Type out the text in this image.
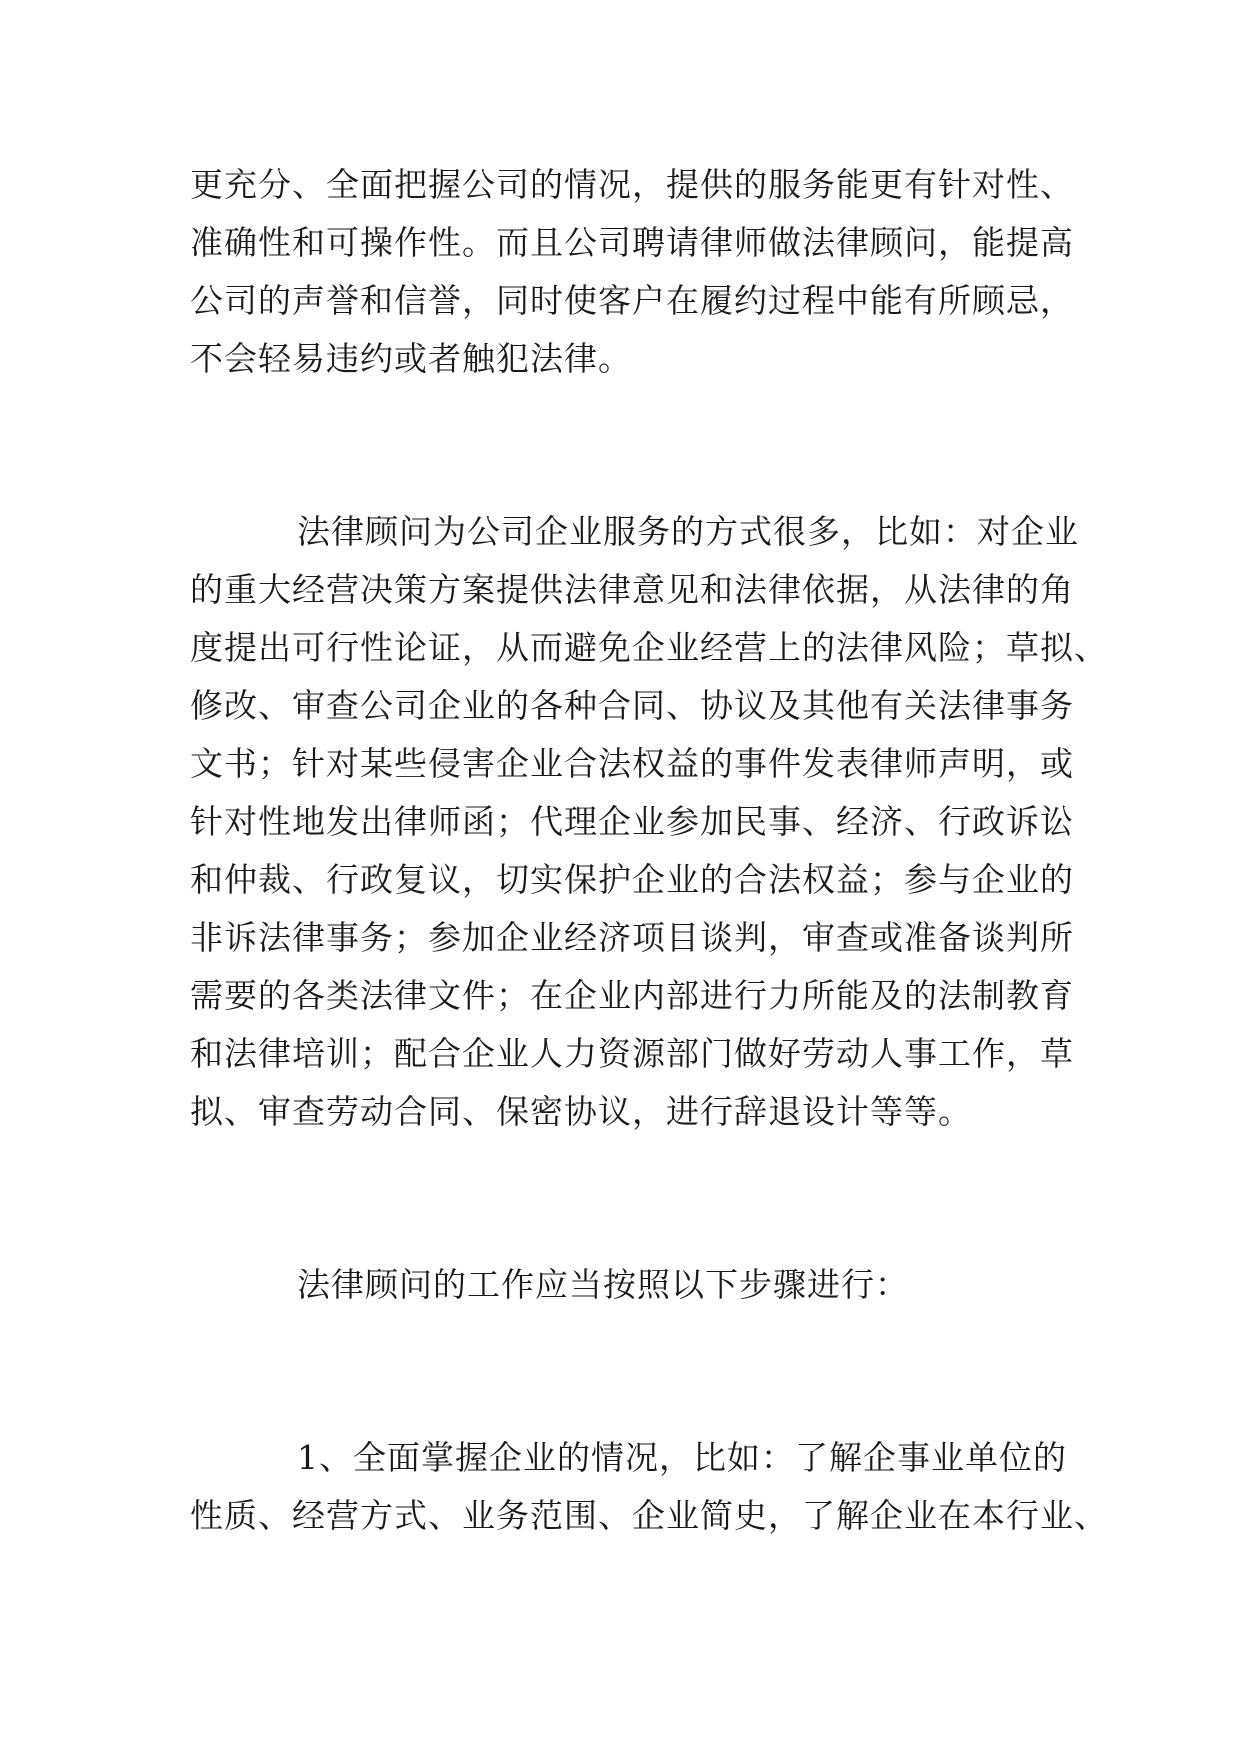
更充分、全面把握公司的情况，提供的服务能更有针对性、
准确性和可操作性。而且公司聘请律师做法律顾问，能提高
公司的声誉和信誉，同时使客户在履约过程中能有所顾忌，
不会轻易违约或者触犯法律。
法律顾问为公司企业服务的方式很多，比如：对企业
的重大经营决策方案提供法律意见和法律依据，从法律的角
度提出可行性论证，从而避免企业经营上的法律风险；草拟、
修改、审查公司企业的各种合同、协议及其他有关法律事务
文书；针对某些侵害企业合法权益的事件发表律师声明，或
针对性地发出律师函；代理企业参加民事、经济、行政诉讼
和仲裁、行政复议，切实保护企业的合法权益；参与企业的
非诉法律事务；参加企业经济项目谈判，审查或准备谈判所
需要的各类法律文件；在企业内部进行力所能及的法制教育
和法律培训；配合企业人力资源部门做好劳动人事工作，草
拟、审查劳动合同、保密协议，进行辞退设计等等。
法律顾问的工作应当按照以下步骤进行：
1、全面掌握企业的情况，比如：了解企事业单位的
性质、经营方式、业务范围、企业简史，了解企业在本行业、
